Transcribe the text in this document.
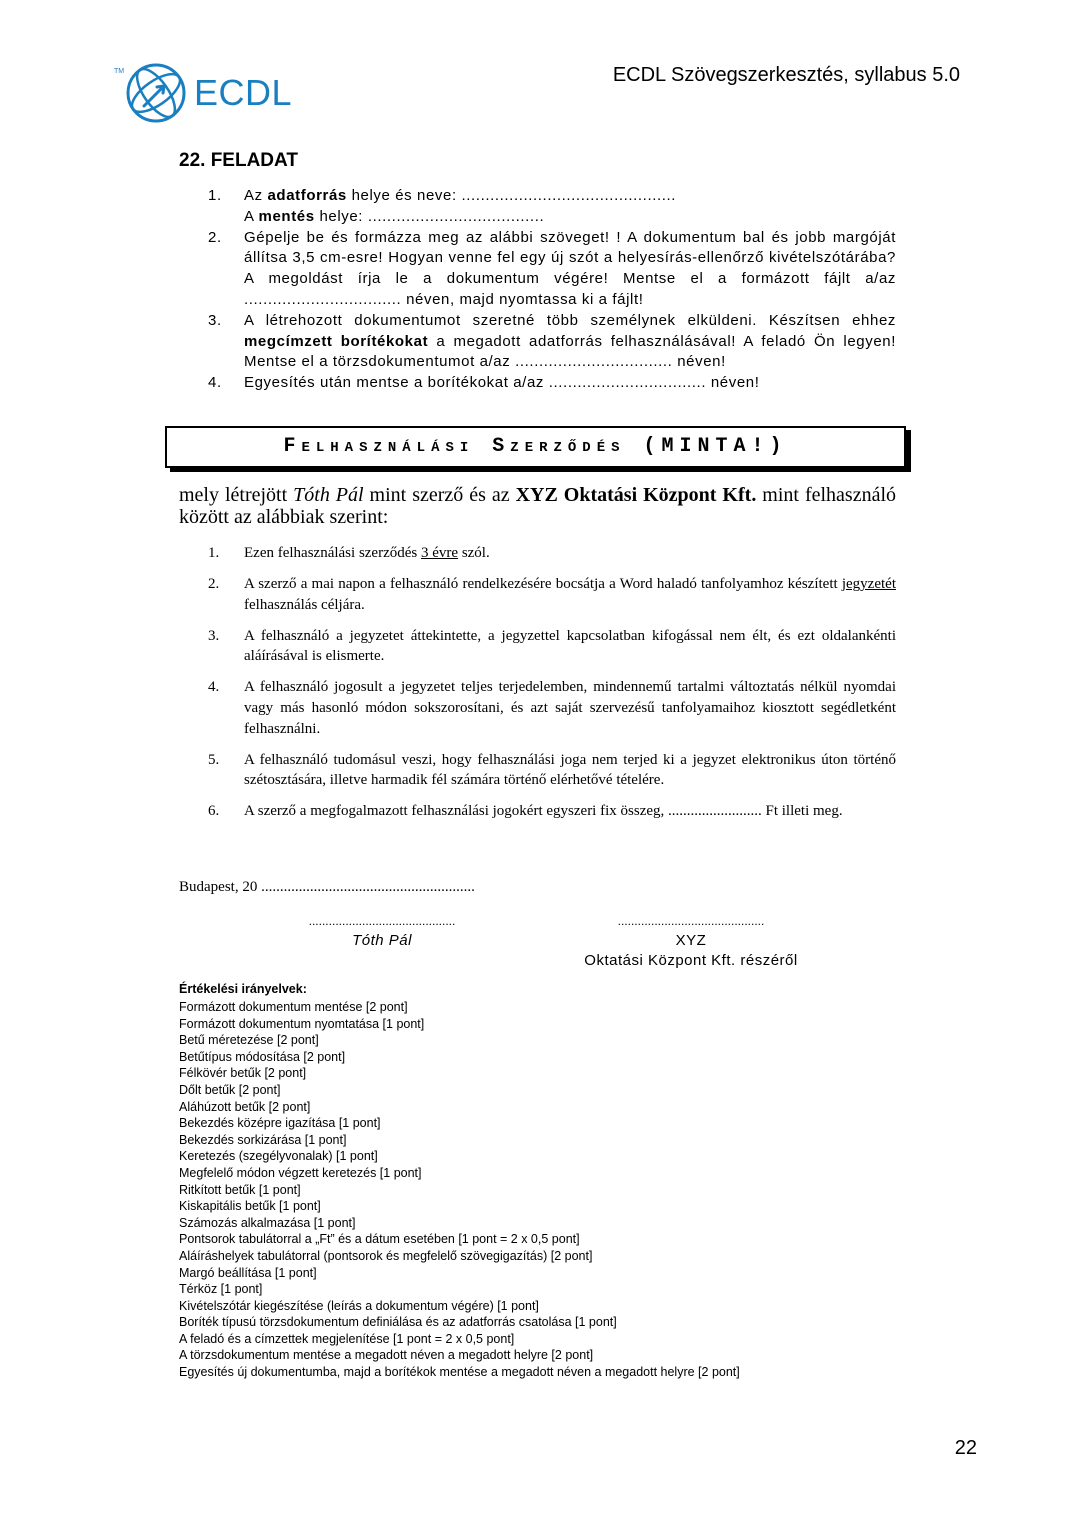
TM
ECDL	ECDL Szövegszerkesztés, syllabus 5.0
22. FELADAT
1. Az adatforrás helye és neve: .............................................
A mentés helye: .....................................
2. Gépelje be és formázza meg az alábbi szöveget! ! A dokumentum bal és jobb margóját állítsa 3,5 cm-esre! Hogyan venne fel egy új szót a helyesírás-ellenőrző kivételszótárába? A megoldást írja le a dokumentum végére! Mentse el a formázott fájlt a/az ................................. néven, majd nyomtassa ki a fájlt!
3. A létrehozott dokumentumot szeretné több személynek elküldeni. Készítsen ehhez megcímzett borítékokat a megadott adatforrás felhasználásával! A feladó Ön legyen! Mentse el a törzsdokumentumot a/az ................................. néven!
4. Egyesítés után mentse a borítékokat a/az ................................. néven!
Felhasználási Szerződés (MINTA!)

mely létrejött Tóth Pál mint szerző és az XYZ Oktatási Központ Kft. mint felhasználó között az alábbiak szerint:

1. Ezen felhasználási szerződés 3 évre szól.
2. A szerző a mai napon a felhasználó rendelkezésére bocsátja a Word haladó tanfolyamhoz készített jegyzetét felhasználás céljára.
3. A felhasználó a jegyzetet áttekintette, a jegyzettel kapcsolatban kifogással nem élt, és ezt oldalankénti aláírásával is elismerte.
4. A felhasználó jogosult a jegyzetet teljes terjedelemben, mindennemű tartalmi változtatás nélkül nyomdai vagy más hasonló módon sokszorosítani, és azt saját szervezésű tanfolyamaihoz kiosztott segédletként felhasználni.
5. A felhasználó tudomásul veszi, hogy felhasználási joga nem terjed ki a jegyzet elektronikus úton történő szétosztására, illetve harmadik fél számára történő elérhetővé tételére.
6. A szerző a megfogalmazott felhasználási jogokért egyszeri fix összeg, ......................... Ft illeti meg.
Budapest, 20 .........................................................
............................................
Tóth Pál
............................................
XYZ
Oktatási Központ Kft. részéről
Értékelési irányelvek:
Formázott dokumentum mentése [2 pont]
Formázott dokumentum nyomtatása [1 pont]
Betű méretezése [2 pont]
Betűtípus módosítása [2 pont]
Félkövér betűk [2 pont]
Dőlt betűk [2 pont]
Aláhúzott betűk [2 pont]
Bekezdés középre igazítása [1 pont]
Bekezdés sorkizárása [1 pont]
Keretezés (szegélyvonalak) [1 pont]
Megfelelő módon végzett keretezés [1 pont]
Ritkított betűk [1 pont]
Kiskapitális betűk [1 pont]
Számozás alkalmazása [1 pont]
Pontsorok tabulátorral a „Ft” és a dátum esetében [1 pont = 2 x 0,5 pont]
Aláíráshelyek tabulátorral (pontsorok és megfelelő szövegigazítás) [2 pont]
Margó beállítása [1 pont]
Térköz [1 pont]
Kivételszótár kiegészítése (leírás a dokumentum végére) [1 pont]
Boríték típusú törzsdokumentum definiálása és az adatforrás csatolása [1 pont]
A feladó és a címzettek megjelenítése [1 pont = 2 x 0,5 pont]
A törzsdokumentum mentése a megadott néven a megadott helyre [2 pont]
Egyesítés új dokumentumba, majd a borítékok mentése a megadott néven a megadott helyre [2 pont]
22
